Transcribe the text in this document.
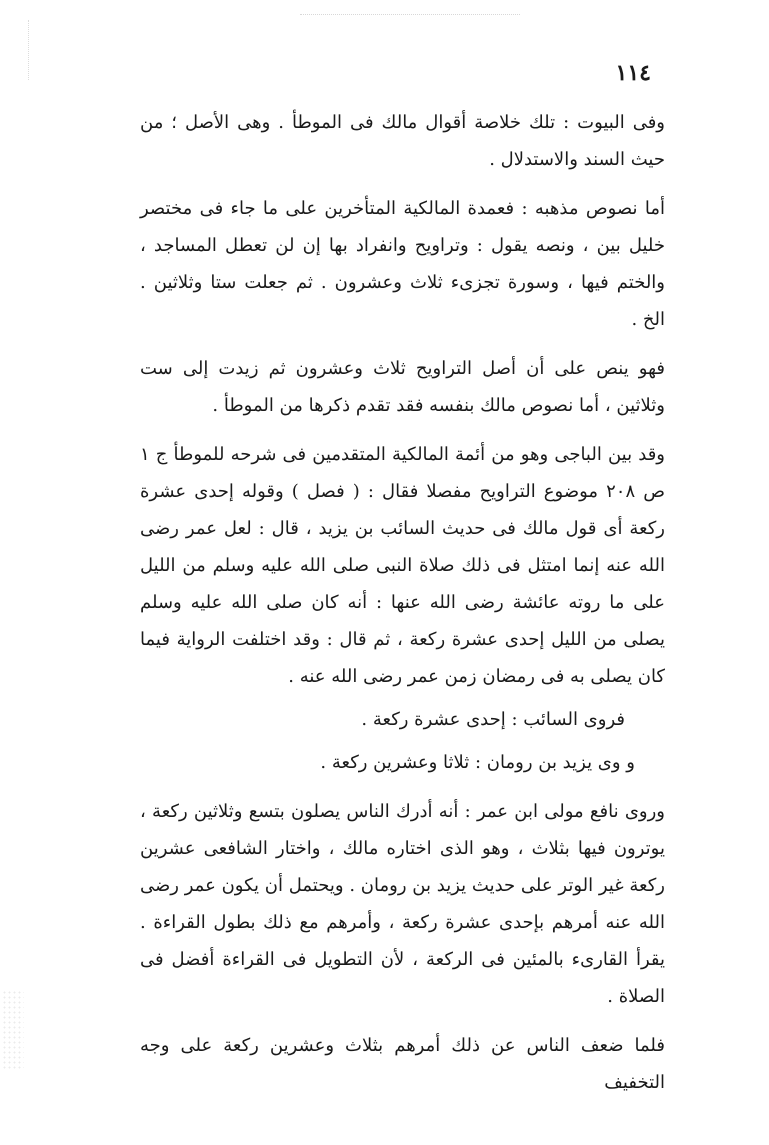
١١٤

وفى البيوت : تلك خلاصة أقوال مالك فى الموطأ . وهى الأصل ؛ من حيث السند والاستدلال .

أما نصوص مذهبه : فعمدة المالكية المتأخرين على ما جاء فى مختصر خليل بين ، ونصه يقول : وتراويح وانفراد بها إن لن تعطل المساجد ، والختم فيها ، وسورة تجزىء ثلاث وعشرون . ثم جعلت ستا وثلاثين . الخ .

فهو ينص على أن أصل التراويح ثلاث وعشرون ثم زيدت إلى ست وثلاثين ، أما نصوص مالك بنفسه فقد تقدم ذكرها من الموطأ .

وقد بين الباجى وهو من أئمة المالكية المتقدمين فى شرحه للموطأ ج ١ ص ٢٠٨ موضوع التراويح مفصلا فقال : ( فصل ) وقوله إحدى عشرة ركعة أى قول مالك فى حديث السائب بن يزيد ، قال : لعل عمر رضى الله عنه إنما امتثل فى ذلك صلاة النبى صلى الله عليه وسلم من الليل على ما روته عائشة رضى الله عنها : أنه كان صلى الله عليه وسلم يصلى من الليل إحدى عشرة ركعة ، ثم قال : وقد اختلفت الرواية فيما كان يصلى به فى رمضان زمن عمر رضى الله عنه .

فروى السائب : إحدى عشرة ركعة .

و وى يزيد بن رومان : ثلاثا وعشرين ركعة .

وروى نافع مولى ابن عمر : أنه أدرك الناس يصلون بتسع وثلاثين ركعة ، يوترون فيها بثلاث ، وهو الذى اختاره مالك ، واختار الشافعى عشرين ركعة غير الوتر على حديث يزيد بن رومان . ويحتمل أن يكون عمر رضى الله عنه أمرهم بإحدى عشرة ركعة ، وأمرهم مع ذلك بطول القراءة . يقرأ القارىء بالمئين فى الركعة ، لأن التطويل فى القراءة أفضل فى الصلاة .

فلما ضعف الناس عن ذلك أمرهم بثلاث وعشرين ركعة على وجه التخفيف
